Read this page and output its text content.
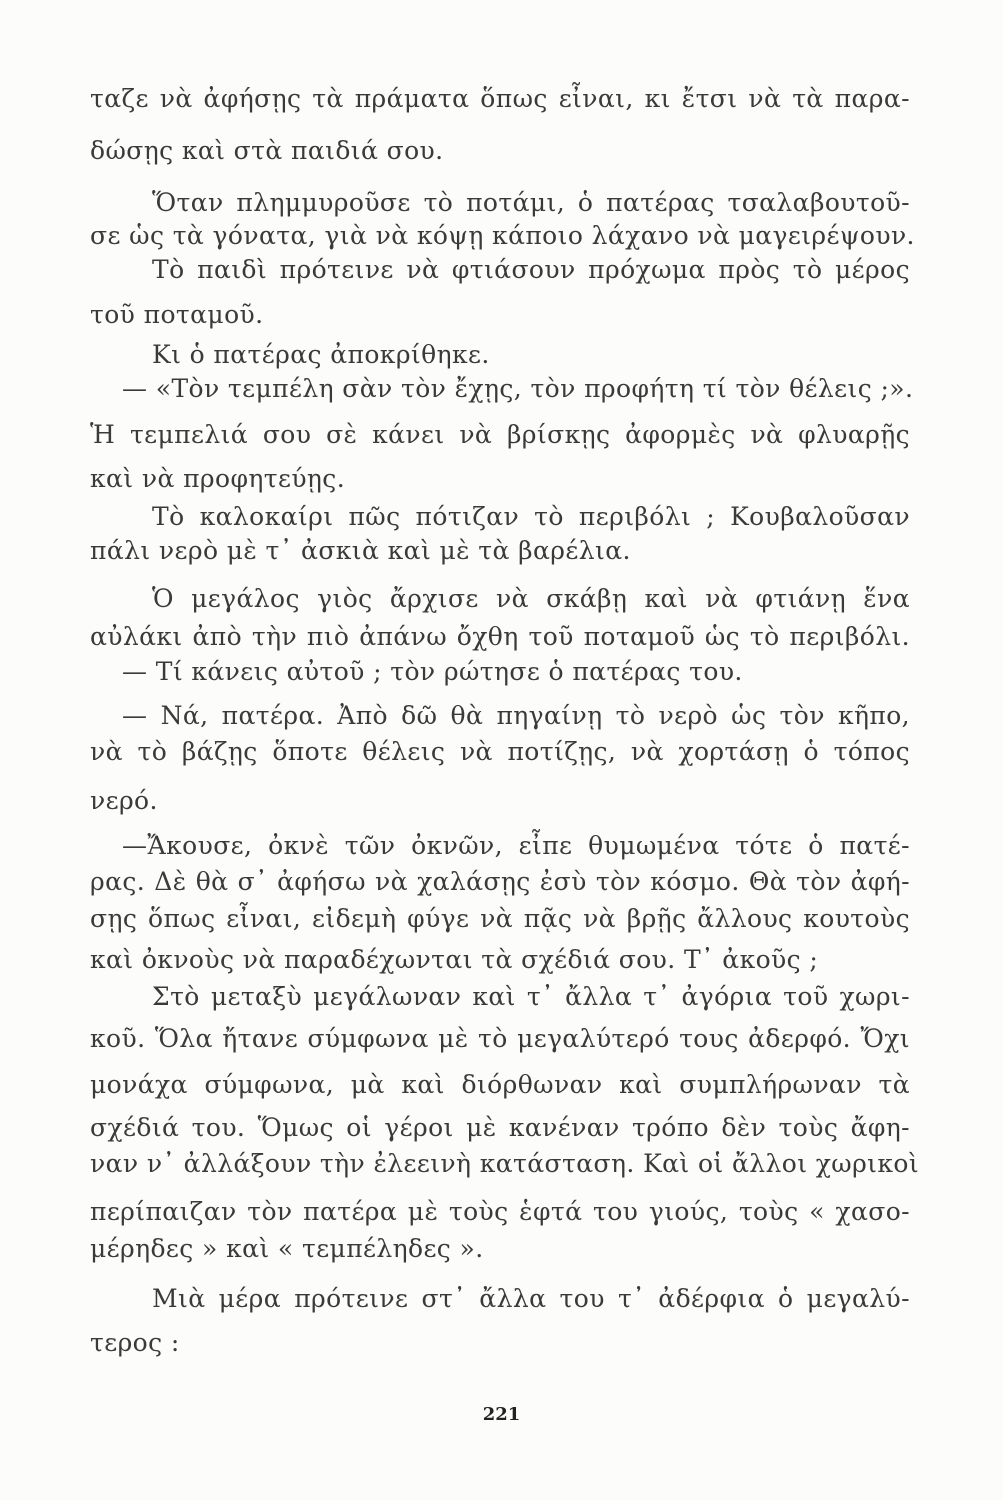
ταζε νὰ ἀφήσῃς τὰ πράματα ὅπως εἶναι, κι ἔτσι νὰ τὰ παρα-
δώσῃς καὶ στὰ παιδιά σου.
Ὅταν πλημμυροῦσε τὸ ποτάμι, ὁ πατέρας τσαλαβουτοῦ-
σε ὡς τὰ γόνατα, γιὰ νὰ κόψῃ κάποιο λάχανο νὰ μαγειρέψουν.
Τὸ παιδὶ πρότεινε νὰ φτιάσουν πρόχωμα πρὸς τὸ μέρος
τοῦ ποταμοῦ.
Κι ὁ πατέρας ἀποκρίθηκε.
— «Τὸν τεμπέλη σὰν τὸν ἔχῃς, τὸν προφήτη τί τὸν θέλεις ;».
Ἡ τεμπελιά σου σὲ κάνει νὰ βρίσκῃς ἀφορμὲς νὰ φλυαρῇς
καὶ νὰ προφητεύῃς.
Τὸ καλοκαίρι πῶς πότιζαν τὸ περιβόλι ; Κουβαλοῦσαν
πάλι νερὸ μὲ τ᾿ ἀσκιὰ καὶ μὲ τὰ βαρέλια.
Ὁ μεγάλος γιὸς ἄρχισε νὰ σκάβῃ καὶ νὰ φτιάνῃ ἕνα
αὐλάκι ἀπὸ τὴν πιὸ ἀπάνω ὄχθη τοῦ ποταμοῦ ὡς τὸ περιβόλι.
— Τί κάνεις αὐτοῦ ; τὸν ρώτησε ὁ πατέρας του.
— Νά, πατέρα. Ἀπὸ δῶ θὰ πηγαίνῃ τὸ νερὸ ὡς τὸν κῆπο,
νὰ τὸ βάζῃς ὅποτε θέλεις νὰ ποτίζῃς, νὰ χορτάσῃ ὁ τόπος
νερό.
—Ἄκουσε, ὀκνὲ τῶν ὀκνῶν, εἶπε θυμωμένα τότε ὁ πατέ-
ρας. Δὲ θὰ σ᾿ ἀφήσω νὰ χαλάσῃς ἐσὺ τὸν κόσμο. Θὰ τὸν ἀφή-
σῃς ὅπως εἶναι, εἰδεμὴ φύγε νὰ πᾷς νὰ βρῇς ἄλλους κουτοὺς
καὶ ὀκνοὺς νὰ παραδέχωνται τὰ σχέδιά σου. Τ᾿ ἀκοῦς ;
Στὸ μεταξὺ μεγάλωναν καὶ τ᾿ ἄλλα τ᾿ ἀγόρια τοῦ χωρι-
κοῦ. Ὅλα ἤτανε σύμφωνα μὲ τὸ μεγαλύτερό τους ἀδερφό. Ὄχι
μονάχα σύμφωνα, μὰ καὶ διόρθωναν καὶ συμπλήρωναν τὰ
σχέδιά του. Ὅμως οἱ γέροι μὲ κανέναν τρόπο δὲν τοὺς ἄφη-
ναν ν᾿ ἀλλάξουν τὴν ἐλεεινὴ κατάσταση. Καὶ οἱ ἄλλοι χωρικοὶ
περίπαιζαν τὸν πατέρα μὲ τοὺς ἑφτά του γιούς, τοὺς « χασο-
μέρηδες » καὶ « τεμπέληδες ».
Μιὰ μέρα πρότεινε στ᾿ ἄλλα του τ᾿ ἀδέρφια ὁ μεγαλύ-
τερος :
221
